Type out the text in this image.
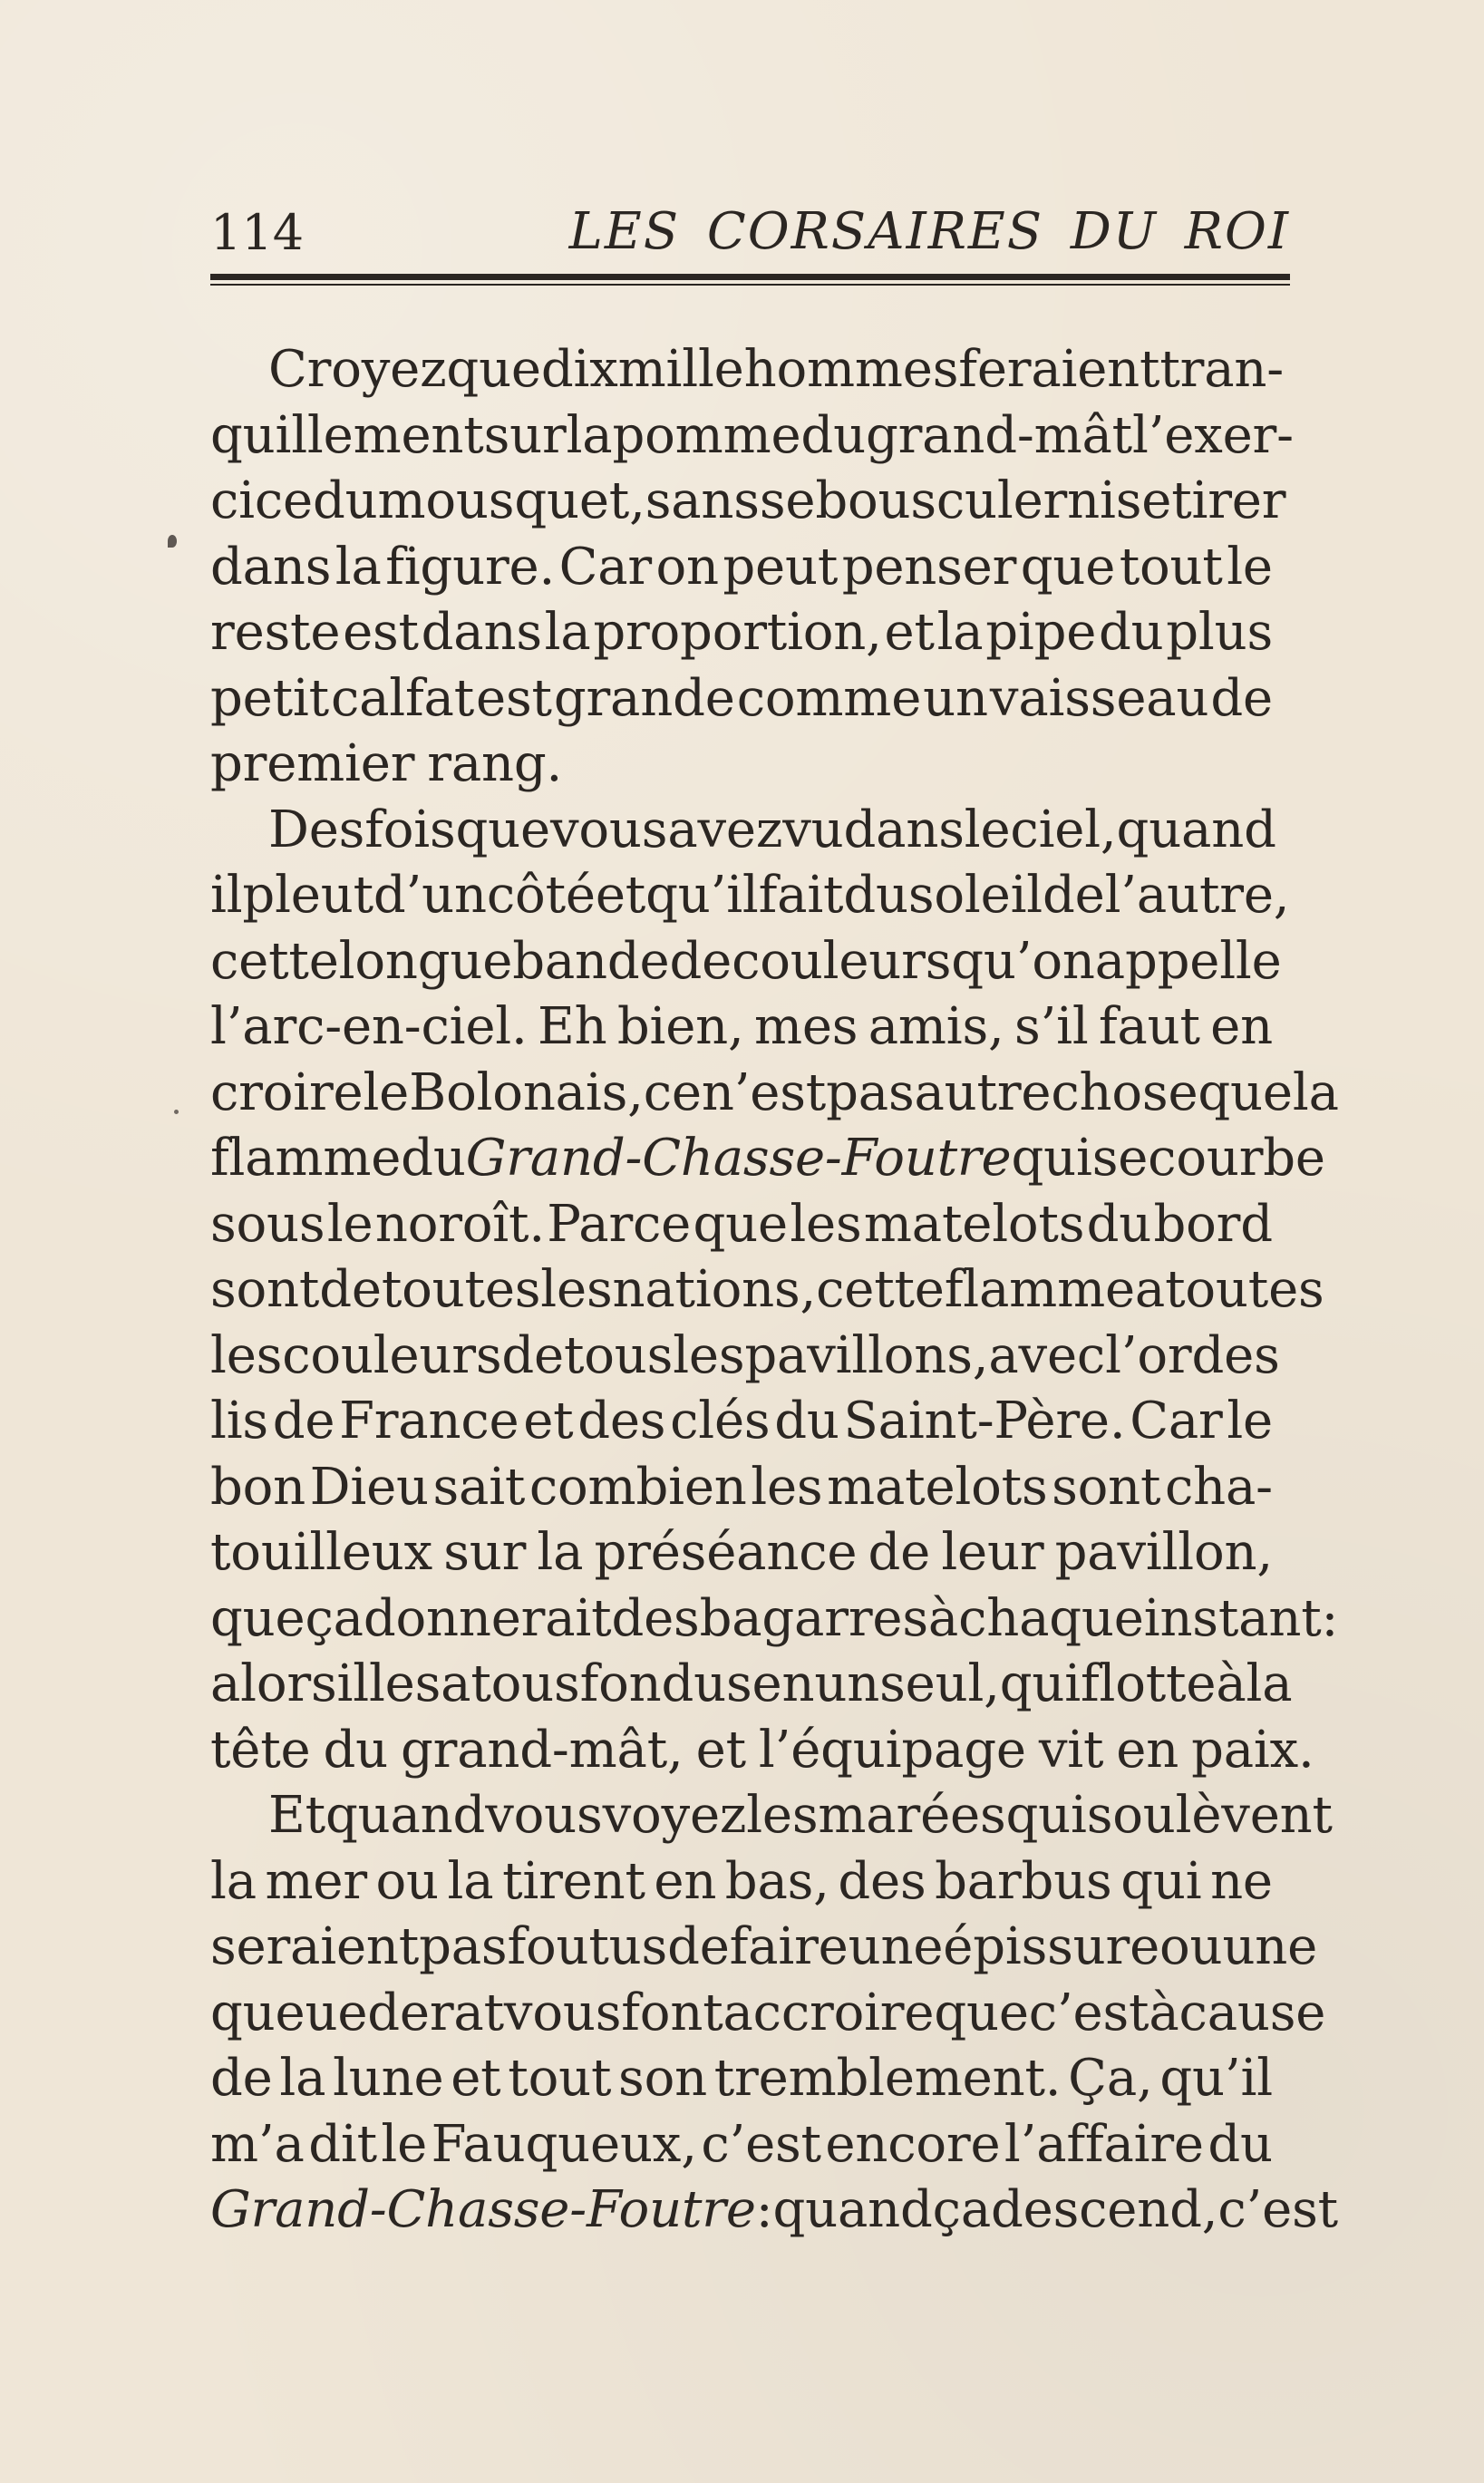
114	LES CORSAIRES DU ROI
Croyez que dix mille hommes feraient tran-
quillement sur la pomme du grand-mât l’exer-
cice du mousquet, sans se bousculer ni se tirer
dans la figure. Car on peut penser que tout le
reste est dans la proportion, et la pipe du plus
petit calfat est grande comme un vaisseau de
premier rang.
Des fois que vous avez vu dans le ciel, quand
il pleut d’un côté et qu’il fait du soleil de l’autre,
cette longue bande de couleurs qu’on appelle
l’arc-en-ciel. Eh bien, mes amis, s’il faut en
croire le Bolonais, ce n’est pas autre chose que la
flamme du Grand-Chasse-Foutre qui se courbe
sous le noroît. Parce que les matelots du bord
sont de toutes les nations, cette flamme a toutes
les couleurs de tous les pavillons, avec l’or des
lis de France et des clés du Saint-Père. Car le
bon Dieu sait combien les matelots sont cha-
touilleux sur la préséance de leur pavillon,
que ça donnerait des bagarres à chaque instant :
alors il les a tous fondus en un seul, qui flotte à la
tête du grand-mât, et l’équipage vit en paix.
Et quand vous voyez les marées qui soulèvent
la mer ou la tirent en bas, des barbus qui ne
seraient pas foutus de faire une épissure ou une
queue de rat vous font accroire que c’est à cause
de la lune et tout son tremblement. Ça, qu’il
m’a dit le Fauqueux, c’est encore l’affaire du
Grand-Chasse-Foutre : quand ça descend, c’est
